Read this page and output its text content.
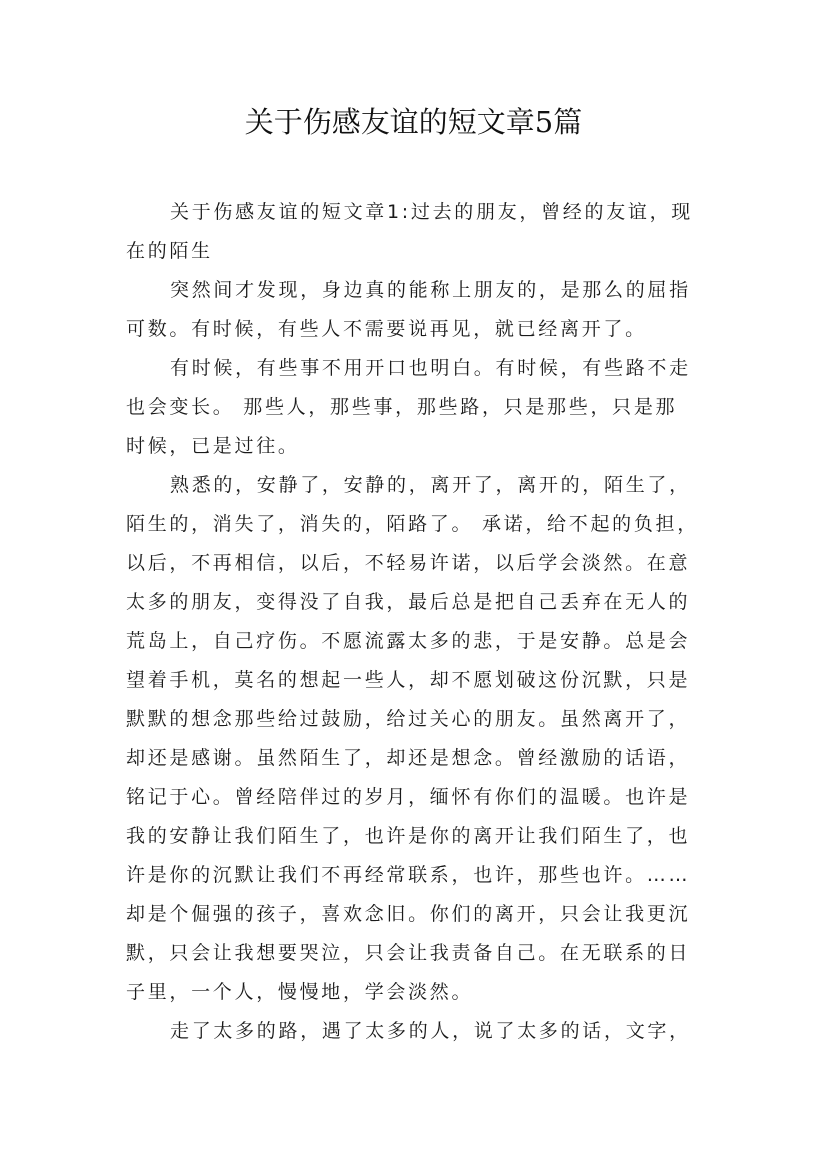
关于伤感友谊的短文章5篇
关于伤感友谊的短文章1:过去的朋友，曾经的友谊，现
在的陌生
突然间才发现，身边真的能称上朋友的，是那么的屈指
可数。有时候，有些人不需要说再见，就已经离开了。
有时候，有些事不用开口也明白。有时候，有些路不走
也会变长。 那些人，那些事，那些路，只是那些，只是那
时候，已是过往。
熟悉的，安静了，安静的，离开了，离开的，陌生了，
陌生的，消失了，消失的，陌路了。 承诺，给不起的负担，
以后，不再相信，以后，不轻易许诺，以后学会淡然。在意
太多的朋友，变得没了自我，最后总是把自己丢弃在无人的
荒岛上，自己疗伤。不愿流露太多的悲，于是安静。总是会
望着手机，莫名的想起一些人，却不愿划破这份沉默，只是
默默的想念那些给过鼓励，给过关心的朋友。虽然离开了，
却还是感谢。虽然陌生了，却还是想念。曾经激励的话语，
铭记于心。曾经陪伴过的岁月，缅怀有你们的温暖。也许是
我的安静让我们陌生了，也许是你的离开让我们陌生了，也
许是你的沉默让我们不再经常联系，也许，那些也许。……
却是个倔强的孩子，喜欢念旧。你们的离开，只会让我更沉
默，只会让我想要哭泣，只会让我责备自己。在无联系的日
子里，一个人，慢慢地，学会淡然。
走了太多的路，遇了太多的人，说了太多的话，文字，
